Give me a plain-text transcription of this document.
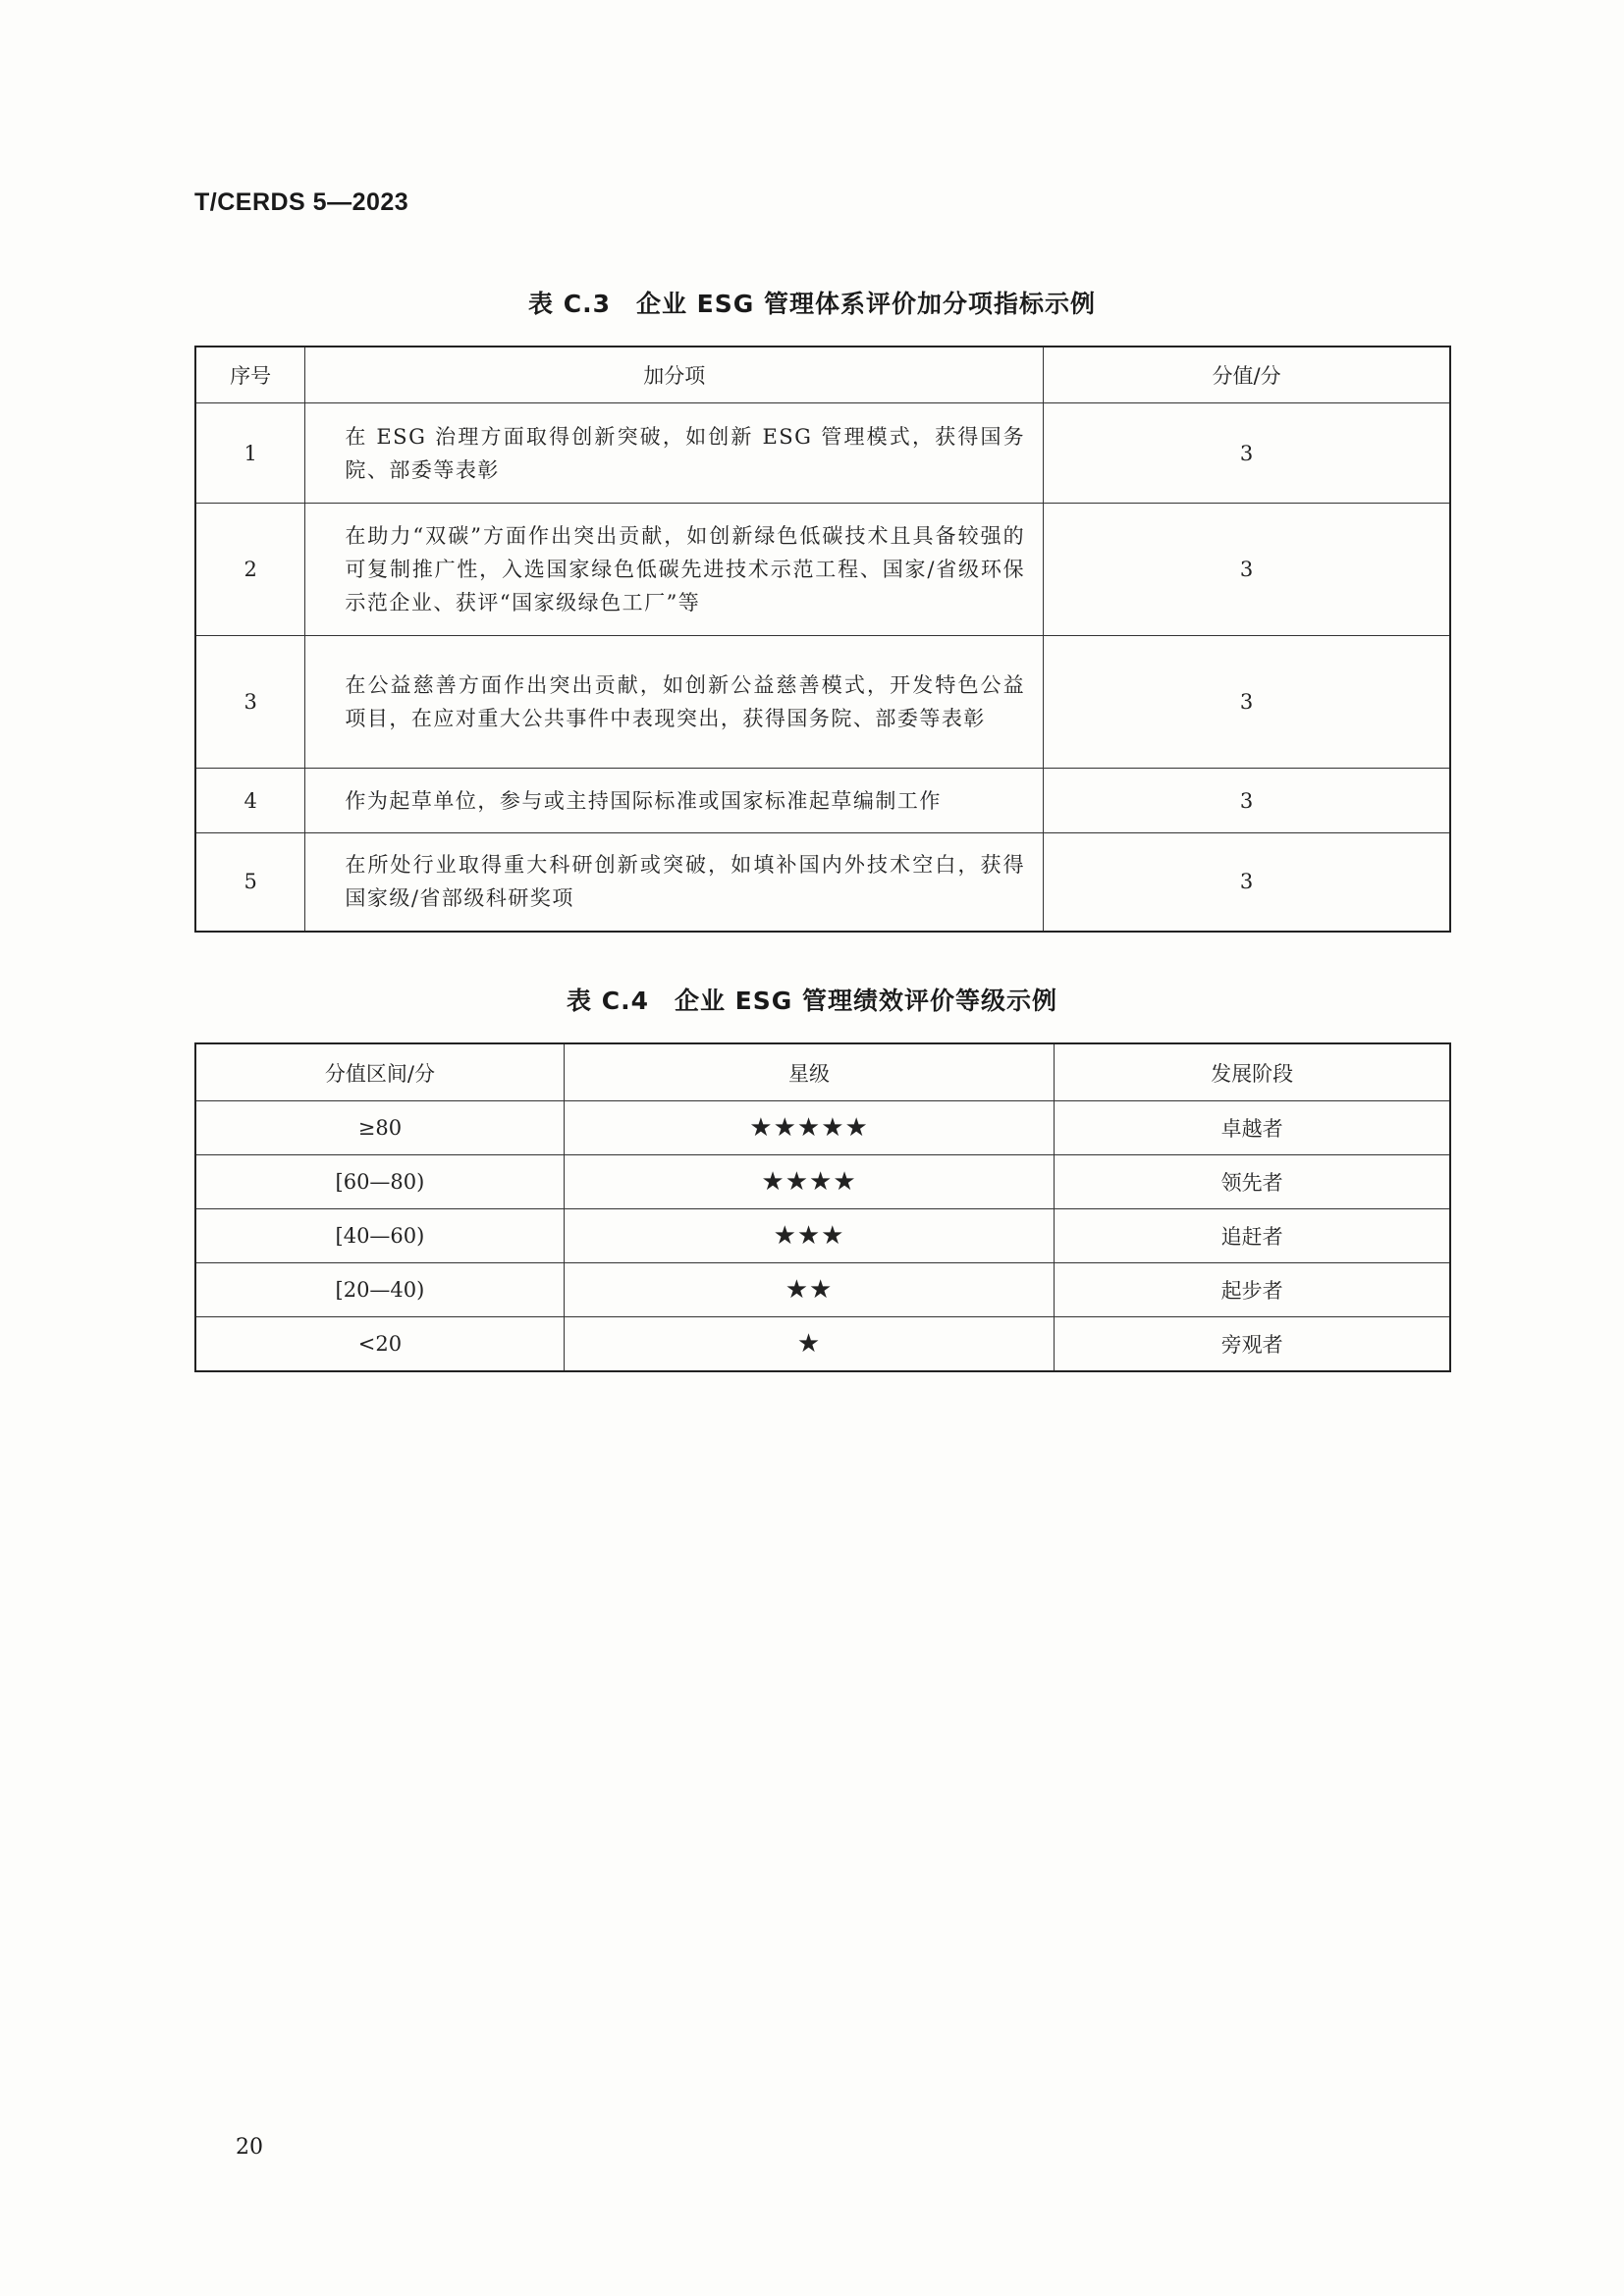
T/CERDS 5—2023
表 C.3　企业 ESG 管理体系评价加分项指标示例
序号	加分项	分值/分
1	在 ESG 治理方面取得创新突破，如创新 ESG 管理模式，获得国务院、部委等表彰	3
2	在助力“双碳”方面作出突出贡献，如创新绿色低碳技术且具备较强的可复制推广性，入选国家绿色低碳先进技术示范工程、国家/省级环保示范企业、获评“国家级绿色工厂”等	3
3	在公益慈善方面作出突出贡献，如创新公益慈善模式，开发特色公益项目，在应对重大公共事件中表现突出，获得国务院、部委等表彰	3
4	作为起草单位，参与或主持国际标准或国家标准起草编制工作	3
5	在所处行业取得重大科研创新或突破，如填补国内外技术空白，获得国家级/省部级科研奖项	3
表 C.4　企业 ESG 管理绩效评价等级示例
分值区间/分	星级	发展阶段
≥80	★★★★★	卓越者
[60—80)	★★★★	领先者
[40—60)	★★★	追赶者
[20—40)	★★	起步者
<20	★	旁观者
20
